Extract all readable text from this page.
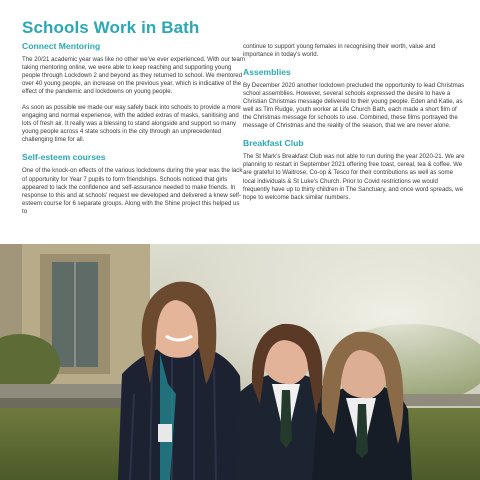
Schools Work in Bath
Connect Mentoring

The 20/21 academic year was like no other we've ever experienced. With our team taking mentoring online, we were able to keep reaching and supporting young people through Lockdown 2 and beyond as they returned to school. We mentored over 40 young people, an increase on the previous year, which is indicative of the effect of the pandemic and lockdowns on young people.

As soon as possible we made our way safely back into schools to provide a more engaging and normal experience, with the added extras of masks, sanitising and lots of fresh air. It really was a blessing to stand alongside and support so many young people across 4 state schools in the city through an unprecedented challenging time for all.

Self-esteem courses

One of the knock-on effects of the various lockdowns during the year was the lack of opportunity for Year 7 pupils to form friendships. Schools noticed that girls appeared to lack the confidence and self-assurance needed to make friends. In response to this and at schools' request we developed and delivered a knew self-esteem course for 6 separate groups. Along with the Shine project this helped us to

continue to support young females in recognising their worth, value and importance in today's world.

Assemblies

By December 2020 another lockdown precluded the opportunity to lead Christmas school assemblies. However, several schools expressed the desire to have a Christian Christmas message delivered to their young people. Eden and Katie, as well as Tim Rudge, youth worker at Life Church Bath, each made a short film of the Christmas message for schools to use. Combined, these films portrayed the message of Christmas and the reality of the season, that we are never alone.

Breakfast Club

The St Mark's Breakfast Club was not able to run during the year 2020-21. We are planning to restart in September 2021 offering free toast, cereal, tea & coffee. We are grateful to Waitrose, Co-op & Tesco for their contributions as well as some local individuals & St Luke's Church. Prior to Covid restrictions we would frequently have up to thirty children in The Sanctuary, and once word spreads, we hope to welcome back similar numbers.
